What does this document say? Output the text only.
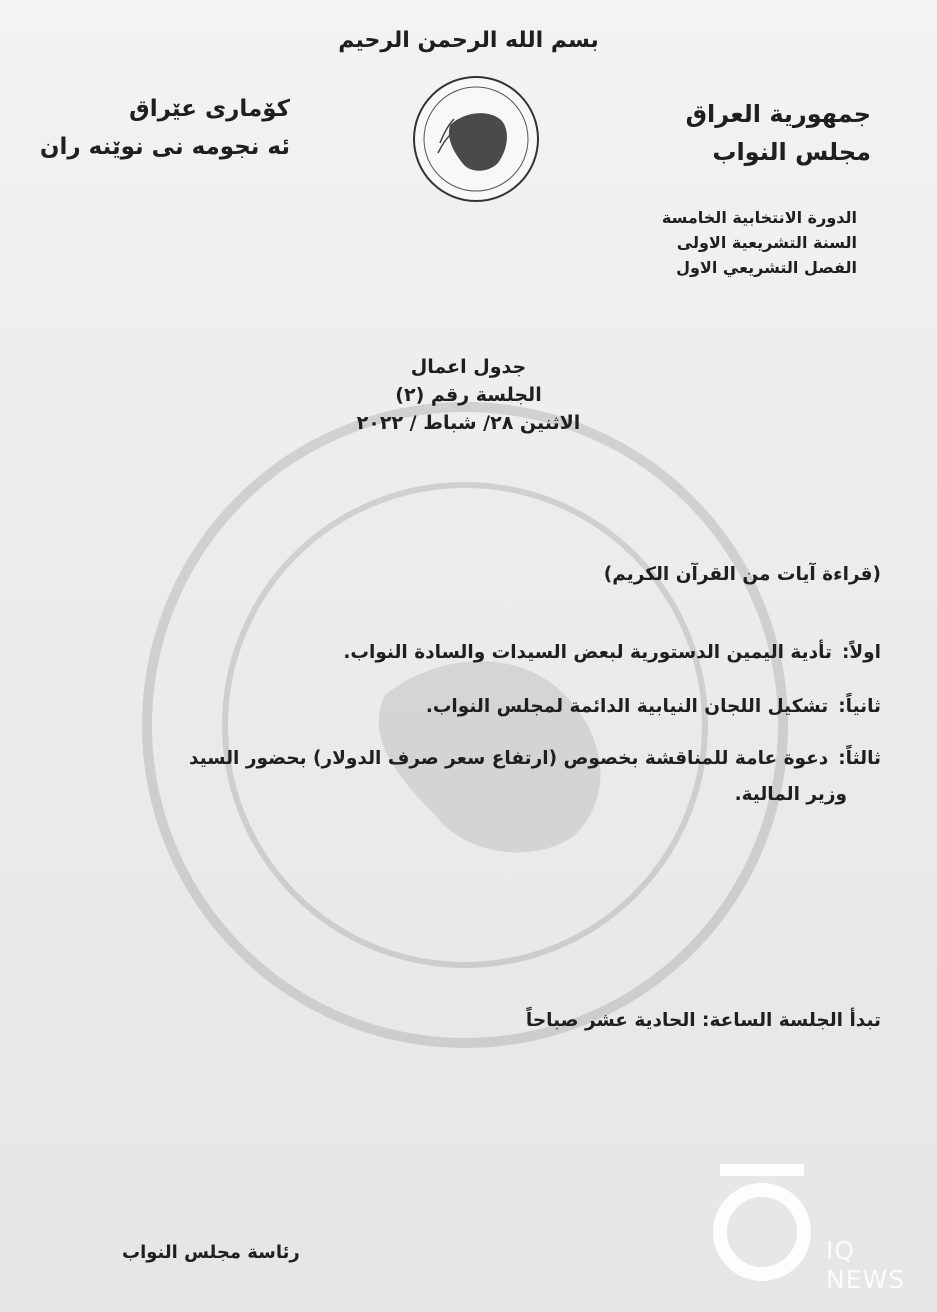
بسم الله الرحمن الرحيم
جمهورية العراق
مجلس النواب
کۆماری عێراق
ئه نجومه نی نوێنه ران
الدورة الانتخابية الخامسة
السنة التشريعية الاولى
الفصل التشريعي الاول
جدول اعمال
الجلسة رقم (٢)
الاثنين ٢٨/ شباط / ٢٠٢٢
(قراءة آيات من القرآن الكريم)
اولاً:تأدية اليمين الدستورية لبعض السيدات والسادة النواب.
ثانياً:تشكيل اللجان النيابية الدائمة لمجلس النواب.
ثالثاً:دعوة عامة للمناقشة بخصوص (ارتفاع سعر صرف الدولار) بحضور السيد
وزير المالية.
تبدأ الجلسة الساعة: الحادية عشر صباحاً
رئاسة مجلس النواب	IQ NEWS
